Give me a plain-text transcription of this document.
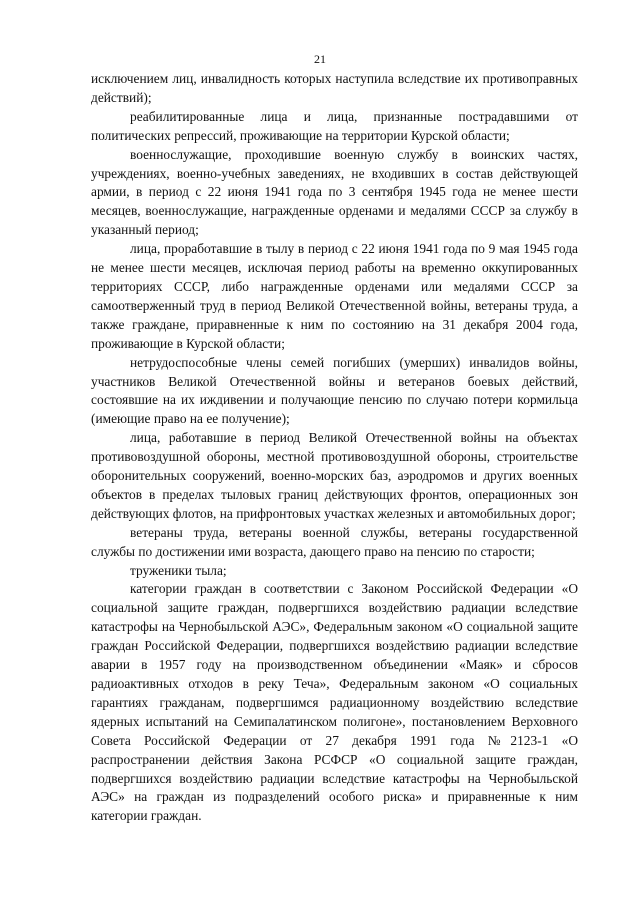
21

исключением лиц, инвалидность которых наступила вследствие их противоправных действий);

реабилитированные лица и лица, признанные пострадавшими от политических репрессий, проживающие на территории Курской области;

военнослужащие, проходившие военную службу в воинских частях, учреждениях, военно-учебных заведениях, не входивших в состав действующей армии, в период с 22 июня 1941 года по 3 сентября 1945 года не менее шести месяцев, военнослужащие, награжденные орденами и медалями СССР за службу в указанный период;

лица, проработавшие в тылу в период с 22 июня 1941 года по 9 мая 1945 года не менее шести месяцев, исключая период работы на временно оккупированных территориях СССР, либо награжденные орденами или медалями СССР за самоотверженный труд в период Великой Отечественной войны, ветераны труда, а также граждане, приравненные к ним по состоянию на 31 декабря 2004 года, проживающие в Курской области;

нетрудоспособные члены семей погибших (умерших) инвалидов войны, участников Великой Отечественной войны и ветеранов боевых действий, состоявшие на их иждивении и получающие пенсию по случаю потери кормильца (имеющие право на ее получение);

лица, работавшие в период Великой Отечественной войны на объектах противовоздушной обороны, местной противовоздушной обороны, строительстве оборонительных сооружений, военно-морских баз, аэродромов и других военных объектов в пределах тыловых границ действующих фронтов, операционных зон действующих флотов, на прифронтовых участках железных и автомобильных дорог;

ветераны труда, ветераны военной службы, ветераны государственной службы по достижении ими возраста, дающего право на пенсию по старости;

труженики тыла;

категории граждан в соответствии с Законом Российской Федерации «О социальной защите граждан, подвергшихся воздействию радиации вследствие катастрофы на Чернобыльской АЭС», Федеральным законом «О социальной защите граждан Российской Федерации, подвергшихся воздействию радиации вследствие аварии в 1957 году на производственном объединении «Маяк» и сбросов радиоактивных отходов в реку Теча», Федеральным законом «О социальных гарантиях гражданам, подвергшимся радиационному воздействию вследствие ядерных испытаний на Семипалатинском полигоне», постановлением Верховного Совета Российской Федерации от 27 декабря 1991 года №2123-1 «О распространении действия Закона РСФСР «О социальной защите граждан, подвергшихся воздействию радиации вследствие катастрофы на Чернобыльской АЭС» на граждан из подразделений особого риска» и приравненные к ним категории граждан.
